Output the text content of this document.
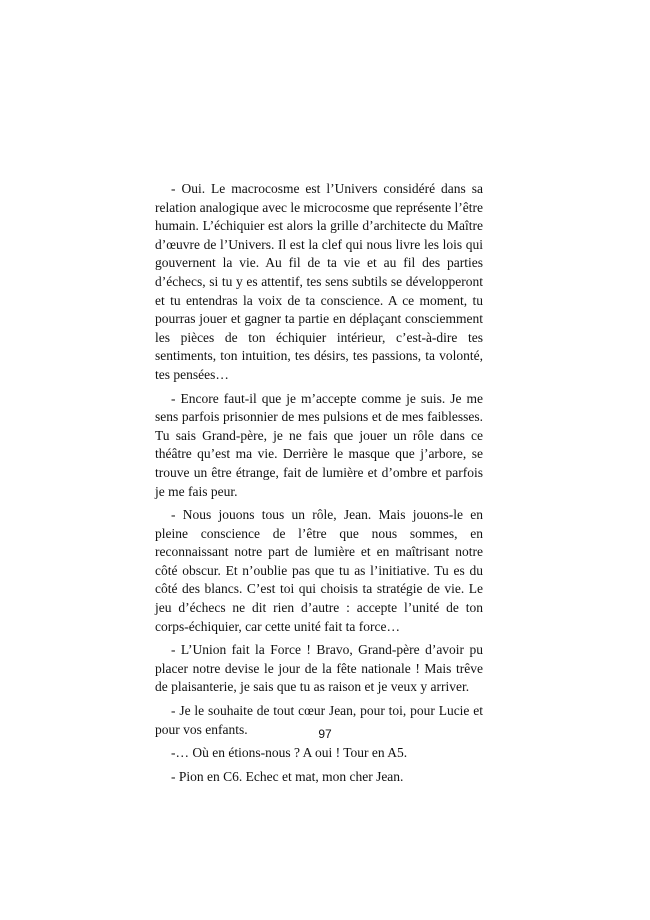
- Oui. Le macrocosme est l’Univers considéré dans sa relation analogique avec le microcosme que représente l’être humain. L’échiquier est alors la grille d’architecte du Maître d’œuvre de l’Univers. Il est la clef qui nous livre les lois qui gouvernent la vie. Au fil de ta vie et au fil des parties d’échecs, si tu y es attentif, tes sens subtils se développeront et tu entendras la voix de ta conscience. A ce moment, tu pourras jouer et gagner ta partie en déplaçant consciemment les pièces de ton échiquier intérieur, c’est-à-dire tes sentiments, ton intuition, tes désirs, tes passions, ta volonté, tes pensées…

- Encore faut-il que je m’accepte comme je suis. Je me sens parfois prisonnier de mes pulsions et de mes faiblesses. Tu sais Grand-père, je ne fais que jouer un rôle dans ce théâtre qu’est ma vie. Derrière le masque que j’arbore, se trouve un être étrange, fait de lumière et d’ombre et parfois je me fais peur.

- Nous jouons tous un rôle, Jean. Mais jouons-le en pleine conscience de l’être que nous sommes, en reconnaissant notre part de lumière et en maîtrisant notre côté obscur. Et n’oublie pas que tu as l’initiative. Tu es du côté des blancs. C’est toi qui choisis ta stratégie de vie. Le jeu d’échecs ne dit rien d’autre : accepte l’unité de ton corps-échiquier, car cette unité fait ta force…

- L’Union fait la Force ! Bravo, Grand-père d’avoir pu placer notre devise le jour de la fête nationale ! Mais trêve de plaisanterie, je sais que tu as raison et je veux y arriver.

- Je le souhaite de tout cœur Jean, pour toi, pour Lucie et pour vos enfants.

-… Où en étions-nous ? A oui ! Tour en A5.

- Pion en C6. Echec et mat, mon cher Jean.

97
